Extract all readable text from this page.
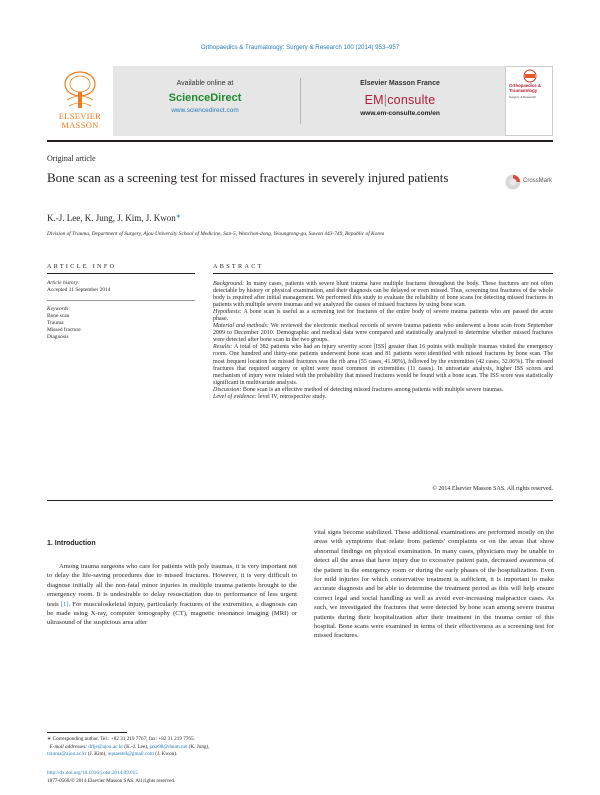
Orthopaedics & Traumatology: Surgery & Research 100 (2014) 953–957
ELSEVIER
MASSON
Available online at
ScienceDirect
www.sciencedirect.com
Elsevier Masson France
EM|consulte
www.em-consulte.com/en
Orthopaedics & Traumatology
Surgery & Research
Original article
Bone scan as a screening test for missed fractures in severely injured patients	CrossMark
K.-J. Lee, K. Jung, J. Kim, J. Kwon∗
Division of Trauma, Department of Surgery, Ajou University School of Medicine, San-5, Wonchon-dong, Yeoungtong-gu, Suwon 443-749, Republic of Korea
ARTICLE INFO	ABSTRACT
Article history:
Accepted 11 September 2014
Keywords:
Bone scan
Trauma
Missed fracture
Diagnosis

Background: In many cases, patients with severe blunt trauma have multiple fractures throughout the body. These fractures are not often detectable by history or physical examination, and their diagnosis can be delayed or even missed. Thus, screening test fractures of the whole body is required after initial management. We performed this study to evaluate the reliability of bone scans for detecting missed fractures in patients with multiple severe traumas and we analyzed the causes of missed fractures by using bone scan.

Hypothesis: A bone scan is useful as a screening test for fractures of the entire body of severe trauma patients who are passed the acute phase.

Material and methods: We reviewed the electronic medical records of severe trauma patients who underwent a bone scan from September 2009 to December 2010. Demographic and medical data were compared and statistically analyzed to determine whether missed fractures were detected after bone scan in the two groups.

Results: A total of 382 patients who had an injury severity score [ISS] greater than 16 points with multiple traumas visited the emergency room. One hundred and thirty-one patients underwent bone scan and 81 patients were identified with missed fractures by bone scan. The most frequent location for missed fractures was the rib area (55 cases, 41.98%), followed by the extremities (42 cases, 32.06%). The missed fractures that required surgery or splint were most common in extremities (11 cases). In univariate analysis, higher ISS scores and mechanism of injury were related with the probability that missed fractures would be found with a bone scan. The ISS score was statistically significant in multivariate analysis.

Discussion: Bone scan is an effective method of detecting missed fractures among patients with multiple severe traumas.

Level of evidence: level IV, retrospective study.

© 2014 Elsevier Masson SAS. All rights reserved.
1. Introduction
Among trauma surgeons who care for patients with poly traumas, it is very important not to delay the life-saving procedures due to missed fractures. However, it is very difficult to diagnose initially all the non-fatal minor injuries in multiple trauma patients brought to the emergency room. It is undesirable to delay resuscitation due to performance of less urgent tests [1]. For musculoskeletal injury, particularly fractures of the extremities, a diagnosis can be made using X-ray, computer tomography (CT), magnetic resonance imaging (MRI) or ultrasound of the suspicious area after
vital signs become stabilized. These additional examinations are performed mostly on the areas with symptoms that relate from patients' complaints or on the areas that show abnormal findings on physical examination. In many cases, physicians may be unable to detect all the areas that have injury due to excessive patient pain, decreased awareness of the patient in the emergency room or during the early phases of the hospitalization. Even for mild injuries for which conservative treatment is sufficient, it is important to make accurate diagnosis and be able to determine the treatment period as this will help ensure correct legal and social handling as well as avoid ever-increasing malpractice cases. As such, we investigated the fractures that were detected by bone scan among severe trauma patients during their hospitalization after their treatment in the trauma center of this hospital. Bone scans were examined in terms of their effectiveness as a screening test for missed fractures.
∗ Corresponding author. Tel.: +82 31 219 7767; fax: +82 31 219 7765.
E-mail addresses: drlje@ajou.ac.kr (K.-J. Lee), jake98@daum.net (K. Jung),
trauma@ajou.ac.kr (J. Kim), aquaestel@gmail.com (J. Kwon).
http://dx.doi.org/10.1016/j.otsr.2014.09.015
1877-0568/© 2014 Elsevier Masson SAS. All rights reserved.
